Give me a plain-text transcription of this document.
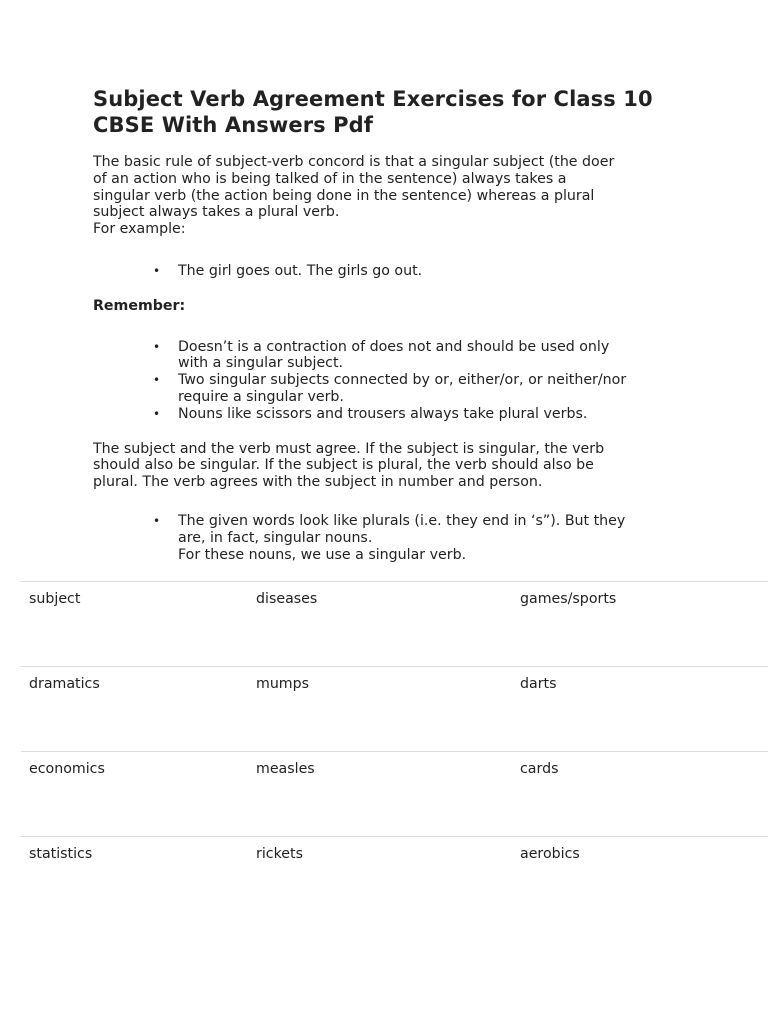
Subject Verb Agreement Exercises for Class 10 CBSE With Answers Pdf

The basic rule of subject-verb concord is that a singular subject (the doer
of an action who is being talked of in the sentence) always takes a
singular verb (the action being done in the sentence) whereas a plural
subject always takes a plural verb.
For example:

• The girl goes out. The girls go out.

Remember:

• Doesn’t is a contraction of does not and should be used only
with a singular subject.
• Two singular subjects connected by or, either/or, or neither/nor
require a singular verb.
• Nouns like scissors and trousers always take plural verbs.

The subject and the verb must agree. If the subject is singular, the verb
should also be singular. If the subject is plural, the verb should also be
plural. The verb agrees with the subject in number and person.

• The given words look like plurals (i.e. they end in ‘s”). But they
are, in fact, singular nouns.
For these nouns, we use a singular verb.
subject	diseases	games/sports
dramatics	mumps	darts
economics	measles	cards
statistics	rickets	aerobics
